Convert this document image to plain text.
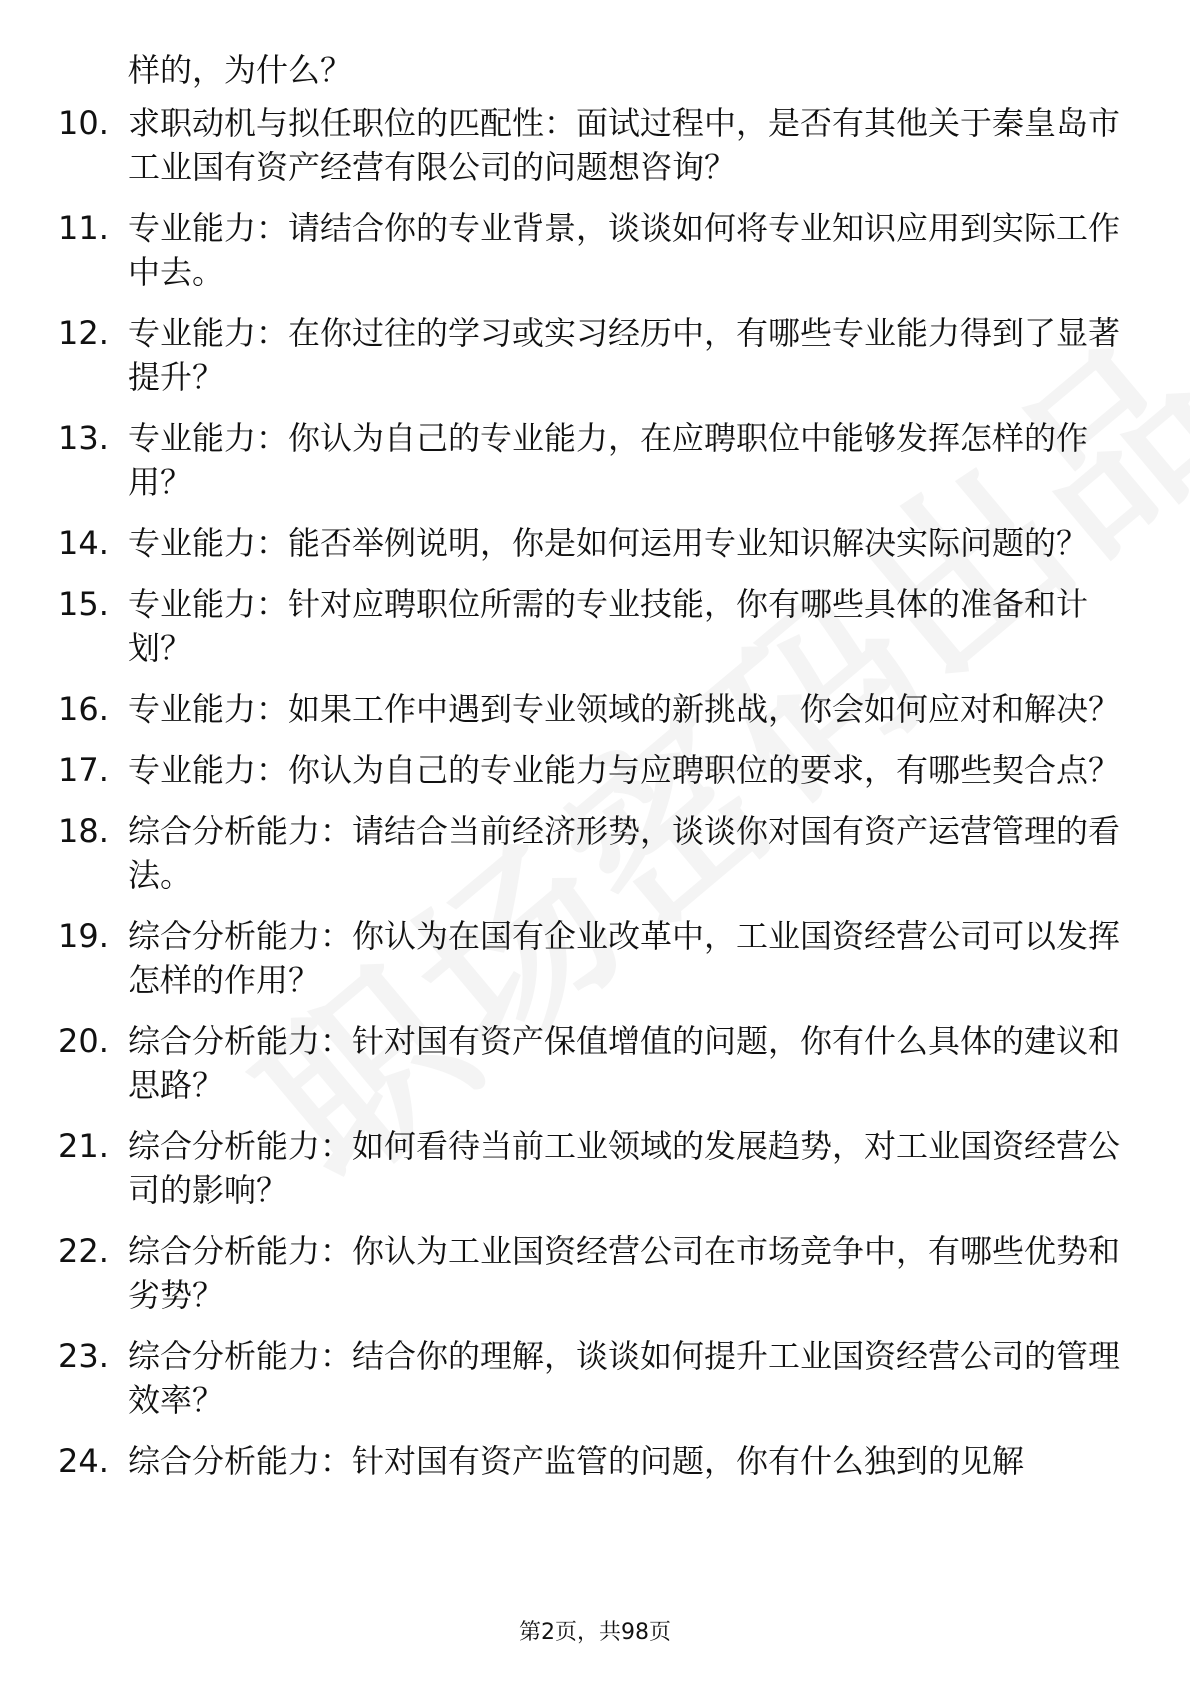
样的，为什么？

10. 求职动机与拟任职位的匹配性：面试过程中，是否有其他关于秦皇岛市工业国有资产经营有限公司的问题想咨询？
11. 专业能力：请结合你的专业背景，谈谈如何将专业知识应用到实际工作中去。
12. 专业能力：在你过往的学习或实习经历中，有哪些专业能力得到了显著提升？
13. 专业能力：你认为自己的专业能力，在应聘职位中能够发挥怎样的作用？
14. 专业能力：能否举例说明，你是如何运用专业知识解决实际问题的？
15. 专业能力：针对应聘职位所需的专业技能，你有哪些具体的准备和计划？
16. 专业能力：如果工作中遇到专业领域的新挑战，你会如何应对和解决？
17. 专业能力：你认为自己的专业能力与应聘职位的要求，有哪些契合点？
18. 综合分析能力：请结合当前经济形势，谈谈你对国有资产运营管理的看法。
19. 综合分析能力：你认为在国有企业改革中，工业国资经营公司可以发挥怎样的作用？
20. 综合分析能力：针对国有资产保值增值的问题，你有什么具体的建议和思路？
21. 综合分析能力：如何看待当前工业领域的发展趋势，对工业国资经营公司的影响？
22. 综合分析能力：你认为工业国资经营公司在市场竞争中，有哪些优势和劣势？
23. 综合分析能力：结合你的理解，谈谈如何提升工业国资经营公司的管理效率？
24. 综合分析能力：针对国有资产监管的问题，你有什么独到的见解
第2页，共98页
